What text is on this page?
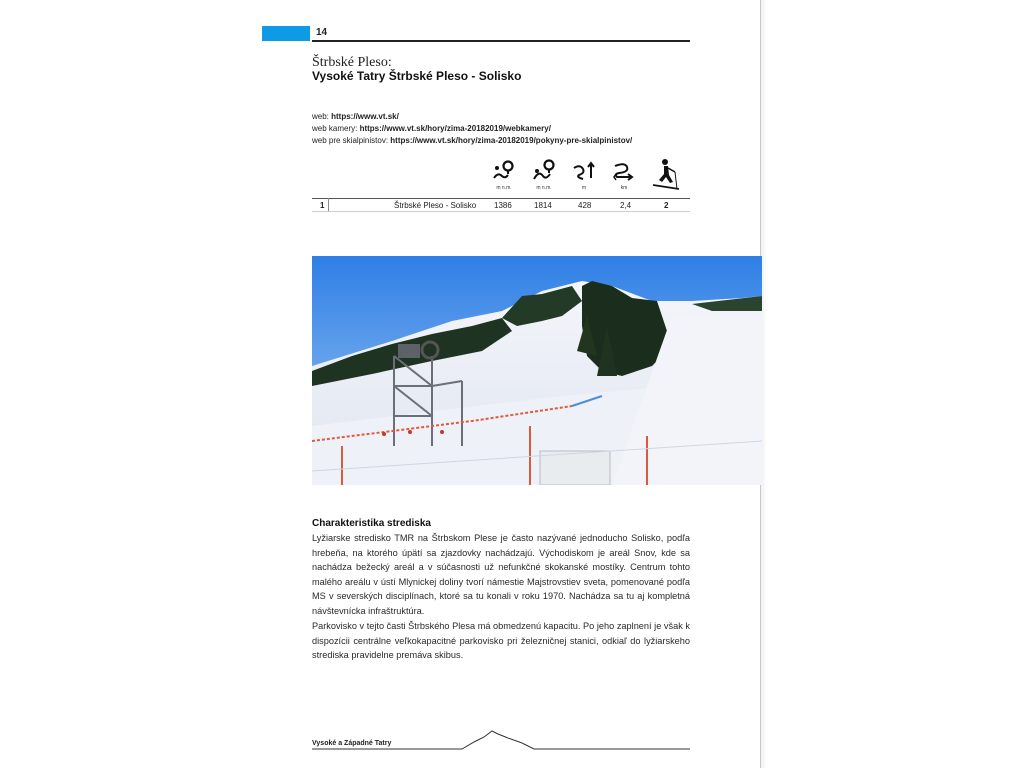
14
Štrbské Pleso:
Vysoké Tatry Štrbské Pleso - Solisko
web: https://www.vt.sk/
web kamery: https://www.vt.sk/hory/zima-20182019/webkamery/
web pre skialpinistov: https://www.vt.sk/hory/zima-20182019/pokyny-pre-skialpinistov/
m n.m.	m n.m.	m	km
1	Štrbské Pleso - Solisko 1386	1814	428	2,4	2
Charakteristika strediska
Lyžiarske stredisko TMR na Štrbskom Plese je často nazývané jednoducho Solisko, podľa hrebeňa, na ktorého úpätí sa zjazdovky nachádzajú. Východiskom je areál Snov, kde sa nachádza bežecký areál a v súčasnosti už nefunkčné skokanské mostíky. Centrum tohto malého areálu v ústí Mlynickej doliny tvorí námestie Majstrovstiev sveta, pomenované podľa MS v severských disciplínach, ktoré sa tu konali v roku 1970. Nachádza sa tu aj kompletná návštevnícka infraštruktúra.
Parkovisko v tejto časti Štrbského Plesa má obmedzenú kapacitu. Po jeho zaplnení je však k dispozícii centrálne veľkokapacitné parkovisko pri železničnej stanici, odkiaľ do lyžiarskeho strediska pravidelne premáva skibus.
Vysoké a Západné Tatry
